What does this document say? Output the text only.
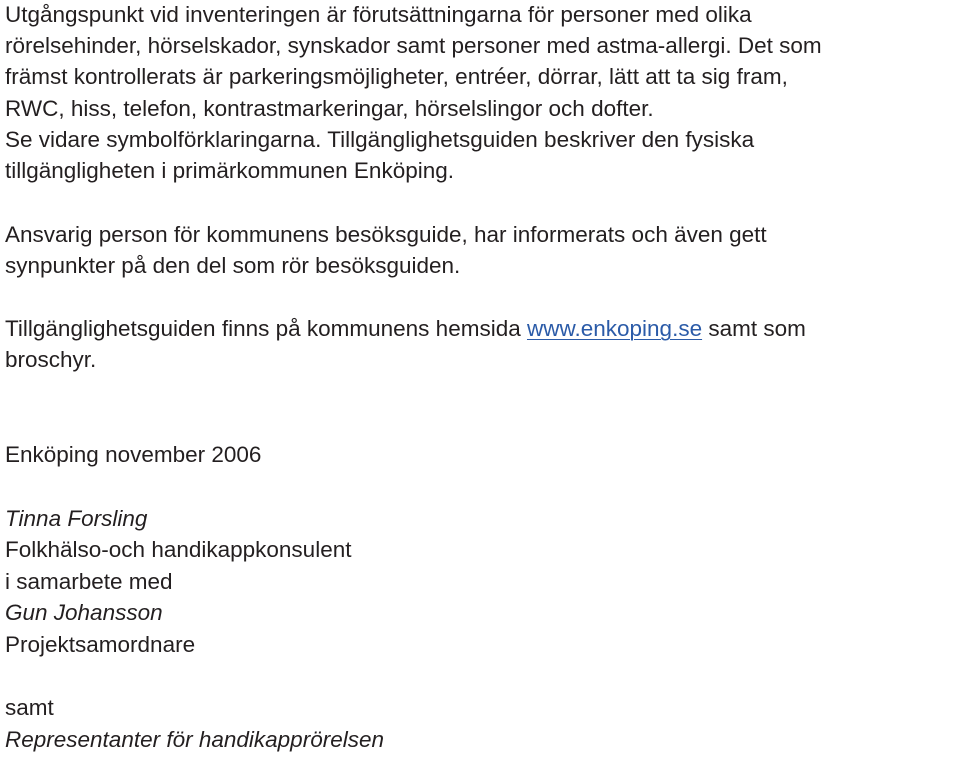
Utgångspunkt vid inventeringen är förutsättningarna för personer med olika
rörelsehinder, hörselskador, synskador samt personer med astma-allergi. Det som
främst kontrollerats är parkeringsmöjligheter, entréer, dörrar, lätt att ta sig fram,
RWC, hiss, telefon, kontrastmarkeringar, hörselslingor och dofter.
Se vidare symbolförklaringarna. Tillgänglighetsguiden beskriver den fysiska
tillgängligheten i primärkommunen Enköping.
Ansvarig person för kommunens besöksguide, har informerats och även gett
synpunkter på den del som rör besöksguiden.
Tillgänglighetsguiden finns på kommunens hemsida www.enkoping.se samt som
broschyr.
Enköping november 2006
Tinna Forsling
Folkhälso-och handikappkonsulent
i samarbete med
Gun Johansson
Projektsamordnare
samt
Representanter för handikapprörelsen
